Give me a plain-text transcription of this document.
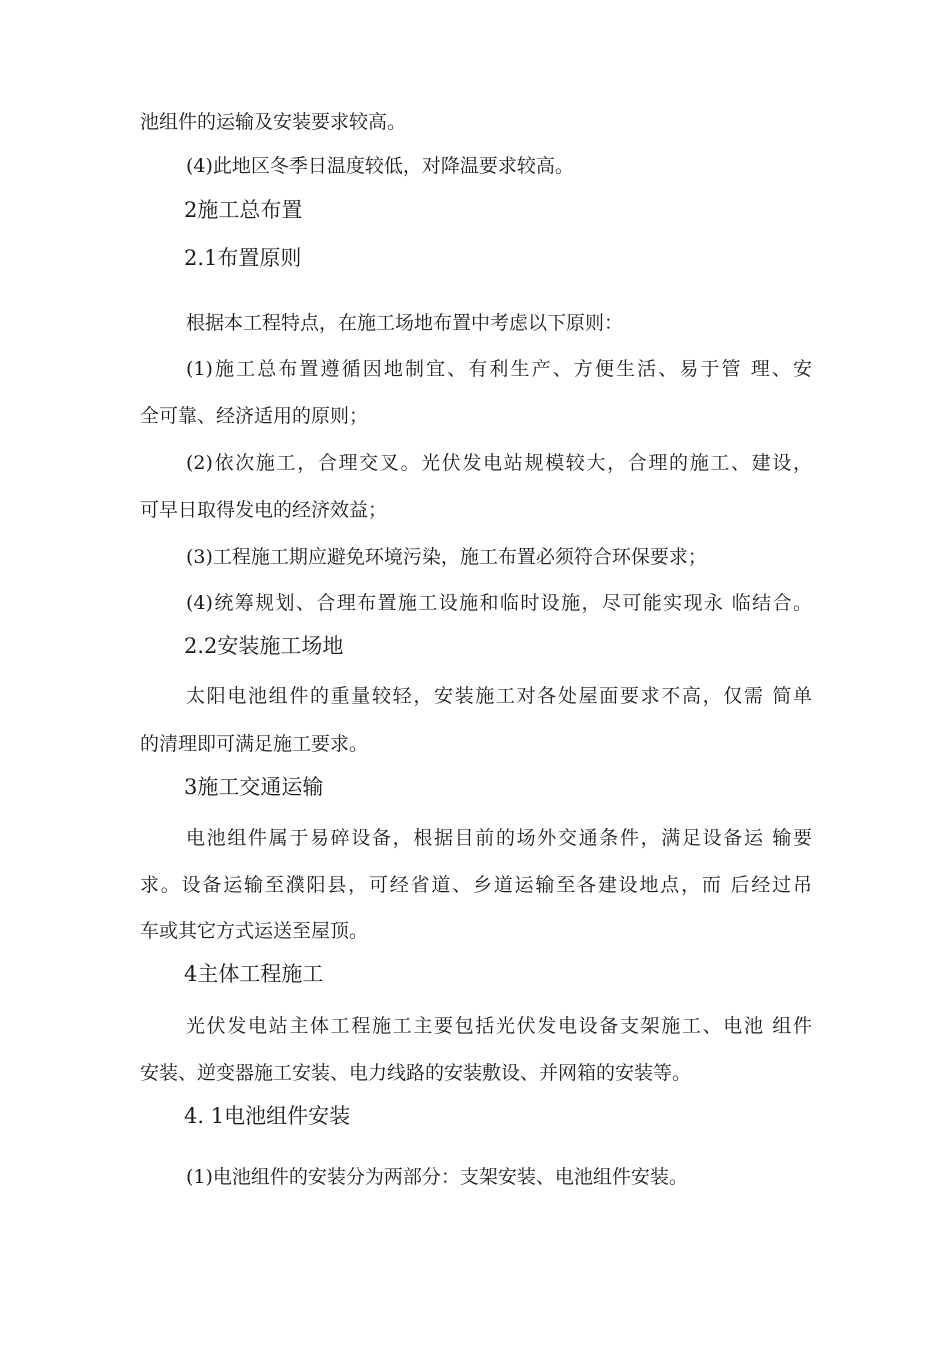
池组件的运输及安装要求较高。
(4)此地区冬季日温度较低，对降温要求较高。
2施工总布置
2.1布置原则
根据本工程特点，在施工场地布置中考虑以下原则：
(1)施工总布置遵循因地制宜、有利生产、方便生活、易于管 理、安
全可靠、经济适用的原则；
(2)依次施工，合理交叉。光伏发电站规模较大，合理的施工、建设，
可早日取得发电的经济效益；
(3)工程施工期应避免环境污染，施工布置必须符合环保要求；
(4)统筹规划、合理布置施工设施和临时设施，尽可能实现永 临结合。
2.2安装施工场地
太阳电池组件的重量较轻，安装施工对各处屋面要求不高，仅需 简单
的清理即可满足施工要求。
3施工交通运输
电池组件属于易碎设备，根据目前的场外交通条件，满足设备运 输要
求。设备运输至濮阳县，可经省道、乡道运输至各建设地点，而 后经过吊
车或其它方式运送至屋顶。
4主体工程施工
光伏发电站主体工程施工主要包括光伏发电设备支架施工、电池 组件
安装、逆变器施工安装、电力线路的安装敷设、并网箱的安装等。
4. 1电池组件安装
(1)电池组件的安装分为两部分：支架安装、电池组件安装。
